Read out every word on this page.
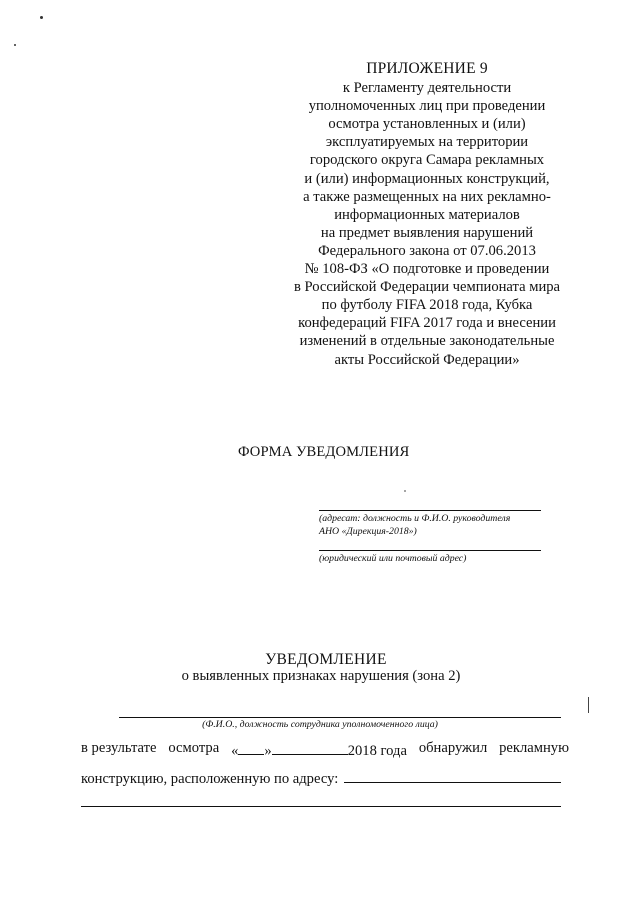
ПРИЛОЖЕНИЕ 9
к Регламенту деятельности
уполномоченных лиц при проведении
осмотра установленных и (или)
эксплуатируемых на территории
городского округа Самара рекламных
и (или) информационных конструкций,
а также размещенных на них рекламно-
информационных материалов
на предмет выявления нарушений
Федерального закона от 07.06.2013
№ 108-ФЗ «О подготовке и проведении
в Российской Федерации чемпионата мира
по футболу FIFA 2018 года, Кубка
конфедераций FIFA 2017 года и внесении
изменений в отдельные законодательные
акты Российской Федерации»
ФОРМА УВЕДОМЛЕНИЯ
(адресат: должность и Ф.И.О. руководителя
АНО «Дирекция-2018»)
(юридический или почтовый адрес)
УВЕДОМЛЕНИЕ
о выявленных признаках нарушения (зона 2)
(Ф.И.О., должность сотрудника уполномоченного лица)
в результате осмотра « »	2018 года обнаружил рекламную
конструкцию, расположенную по адресу:
